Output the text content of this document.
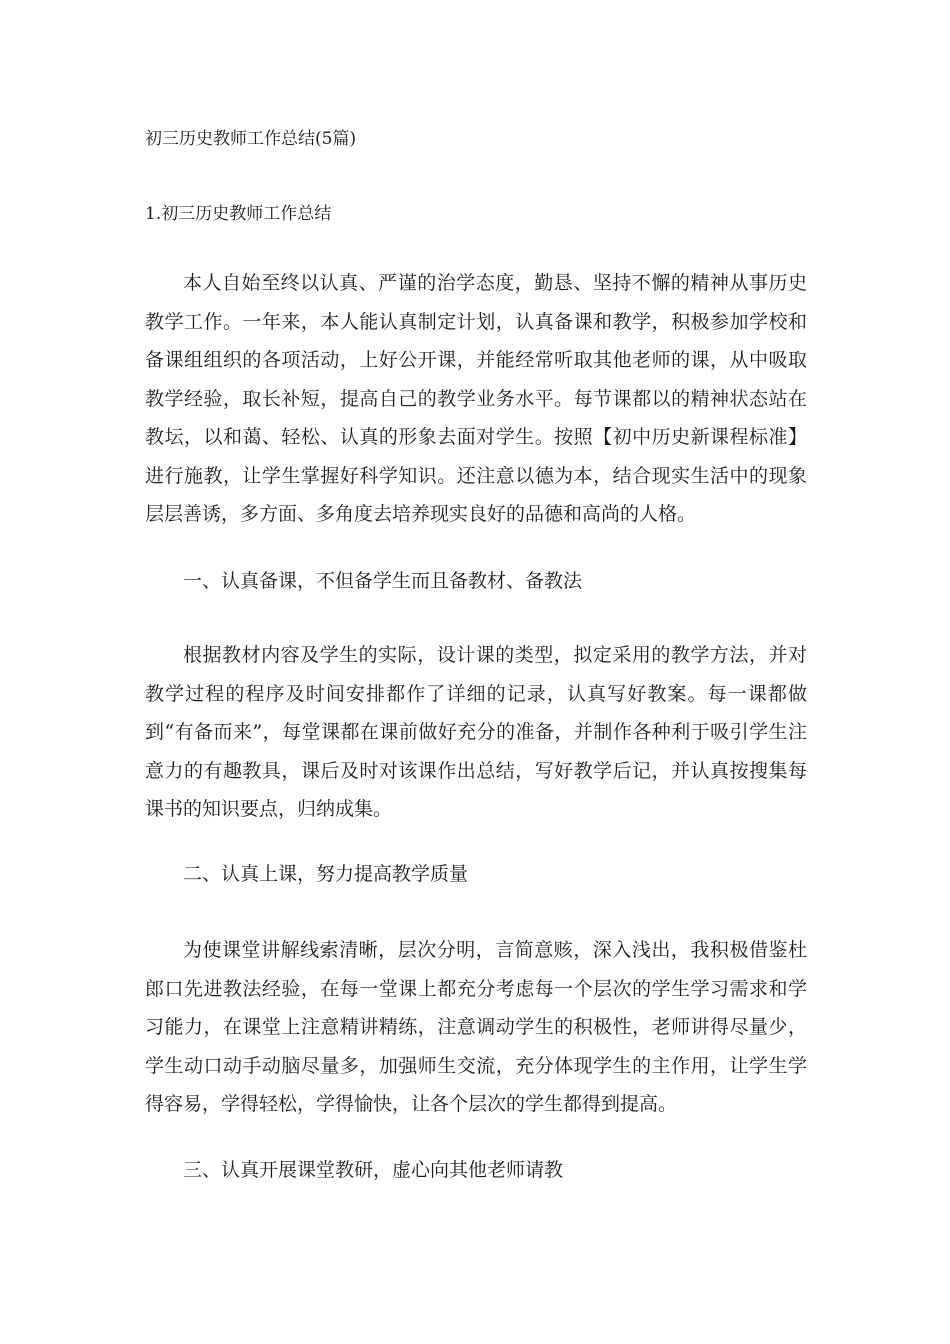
初三历史教师工作总结(5篇)
1.初三历史教师工作总结

本人自始至终以认真、严谨的治学态度，勤恳、坚持不懈的精神从事历史教学工作。一年来，本人能认真制定计划，认真备课和教学，积极参加学校和备课组组织的各项活动，上好公开课，并能经常听取其他老师的课，从中吸取教学经验，取长补短，提高自己的教学业务水平。每节课都以的精神状态站在教坛，以和蔼、轻松、认真的形象去面对学生。按照【初中历史新课程标准】进行施教，让学生掌握好科学知识。还注意以德为本，结合现实生活中的现象层层善诱，多方面、多角度去培养现实良好的品德和高尚的人格。

一、认真备课，不但备学生而且备教材、备教法

根据教材内容及学生的实际，设计课的类型，拟定采用的教学方法，并对教学过程的程序及时间安排都作了详细的记录，认真写好教案。每一课都做到“有备而来”，每堂课都在课前做好充分的准备，并制作各种利于吸引学生注意力的有趣教具，课后及时对该课作出总结，写好教学后记，并认真按搜集每课书的知识要点，归纳成集。

二、认真上课，努力提高教学质量

为使课堂讲解线索清晰，层次分明，言简意赅，深入浅出，我积极借鉴杜郎口先进教法经验，在每一堂课上都充分考虑每一个层次的学生学习需求和学习能力，在课堂上注意精讲精练，注意调动学生的积极性，老师讲得尽量少，学生动口动手动脑尽量多，加强师生交流，充分体现学生的主作用，让学生学得容易，学得轻松，学得愉快，让各个层次的学生都得到提高。

三、认真开展课堂教研，虚心向其他老师请教
